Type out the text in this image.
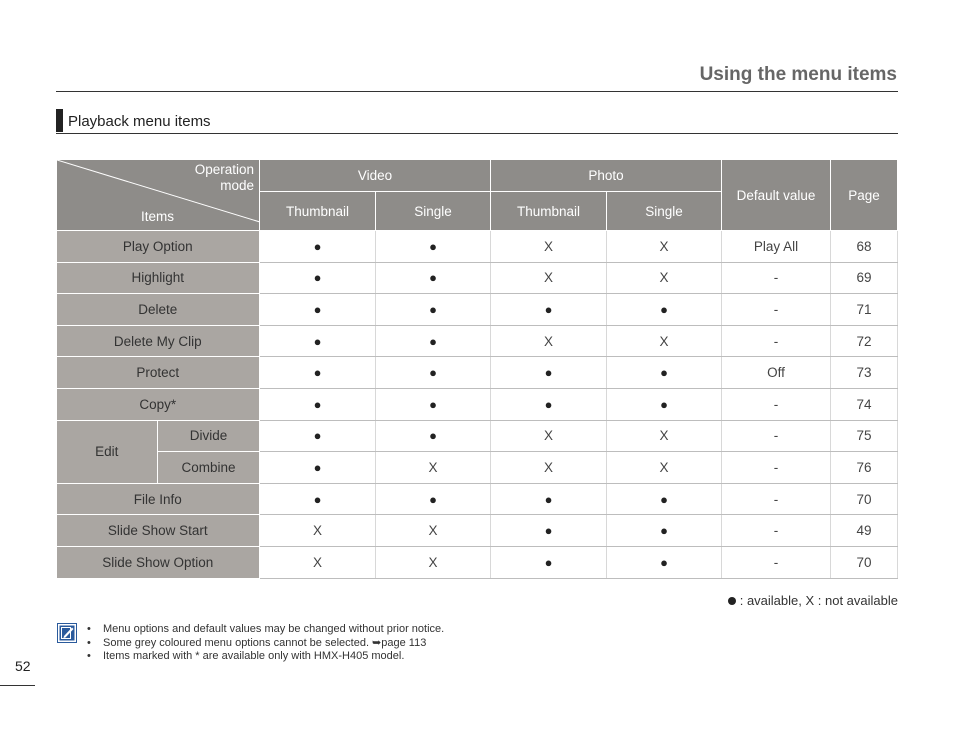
Using the menu items
Playback menu items
Operation
mode
Items		Video		Photo		Default value	Page
		Thumbnail	Single	Thumbnail	Single		
Play Option		●	●	X	X	Play All	68
Highlight		●	●	X	X	-	69
Delete		●	●	●	●	-	71
Delete My Clip		●	●	X	X	-	72
Protect		●	●	●	●	Off	73
Copy*		●	●	●	●	-	74
Edit	Divide	●	●	X	X	-	75
	Combine	●	X	X	X	-	76
File Info		●	●	●	●	-	70
Slide Show Start		X	X	●	●	-	49
Slide Show Option		X	X	●	●	-	70
: available, X : not available
• Menu options and default values may be changed without prior notice.
• Some grey coloured menu options cannot be selected. ➥page 113
• Items marked with * are available only with HMX-H405 model.
52
